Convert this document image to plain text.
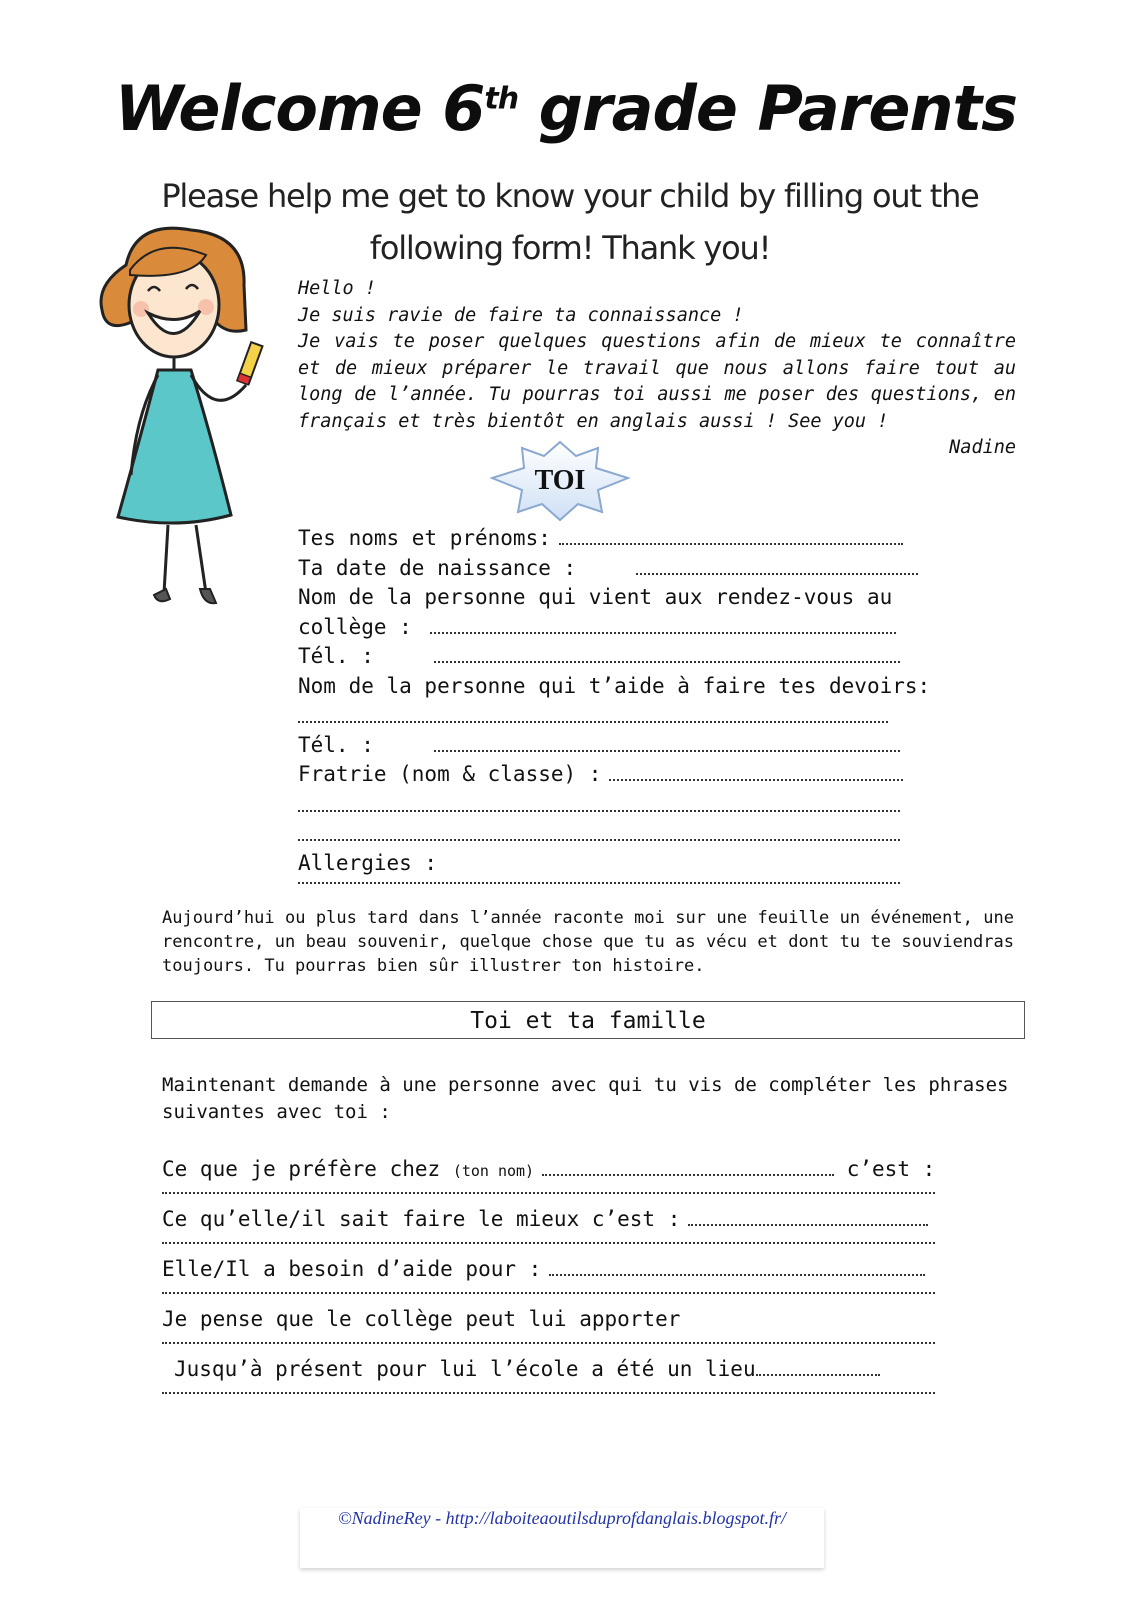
Welcome 6th grade Parents
Please help me get to know your child by filling out the following form! Thank you!

Hello !

Je suis ravie de faire ta connaissance !

Je vais te poser quelques questions afin de mieux te connaître et de mieux préparer le travail que nous allons faire tout au long de l’année. Tu pourras toi aussi me poser des questions, en français et très bientôt en anglais aussi ! See you !

Nadine

TOI
Tes noms et prénoms:
Ta date de naissance :
Nom de la personne qui vient aux rendez-vous au
collège :
Tél. :
Nom de la personne qui t’aide à faire tes devoirs:
Tél. :
Fratrie (nom & classe) :
Allergies :
Aujourd’hui ou plus tard dans l’année raconte moi sur une feuille un événement, une rencontre, un beau souvenir, quelque chose que tu as vécu et dont tu te souviendras toujours. Tu pourras bien sûr illustrer ton histoire.
Toi et ta famille
Maintenant demande à une personne avec qui tu vis de compléter les phrases suivantes avec toi :
Ce que je préfère chez (ton nom)	c’est :
Ce qu’elle/il sait faire le mieux c’est :
Elle/Il a besoin d’aide pour :
Je pense que le collège peut lui apporter
Jusqu’à présent pour lui l’école a été un lieu
©NadineRey - http://laboiteaoutilsduprofdanglais.blogspot.fr/
